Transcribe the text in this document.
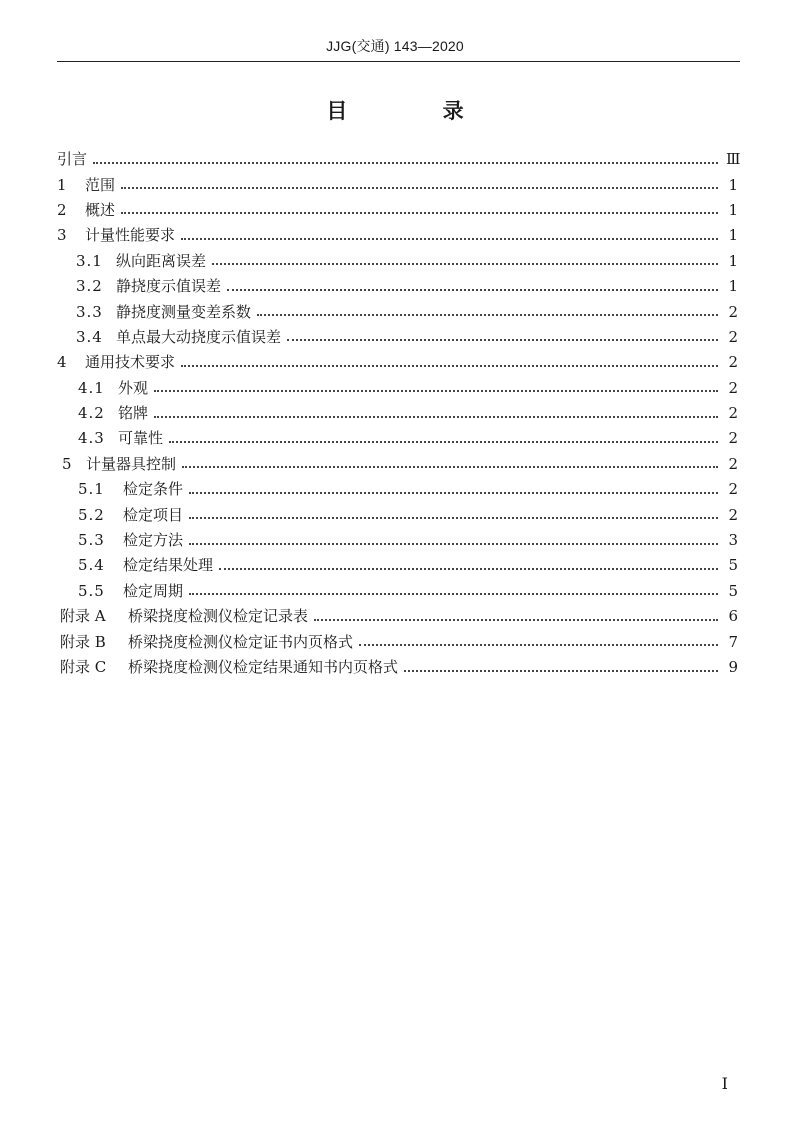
JJG(交通) 143—2020
目 录
引言	Ⅲ
1	范围	1
2	概述	1
3	计量性能要求	1
3.1 纵向距离误差	1
3.2 静挠度示值误差	1
3.3 静挠度测量变差系数	2
3.4 单点最大动挠度示值误差	2
4	通用技术要求	2
4.1 外观	2
4.2 铭牌	2
4.3 可靠性	2
5 计量器具控制	2
5.1	检定条件	2
5.2	检定项目	2
5.3	检定方法	3
5.4	检定结果处理	5
5.5	检定周期	5
附录 A	桥梁挠度检测仪检定记录表	6
附录 B	桥梁挠度检测仪检定证书内页格式	7
附录 C	桥梁挠度检测仪检定结果通知书内页格式	9
I
